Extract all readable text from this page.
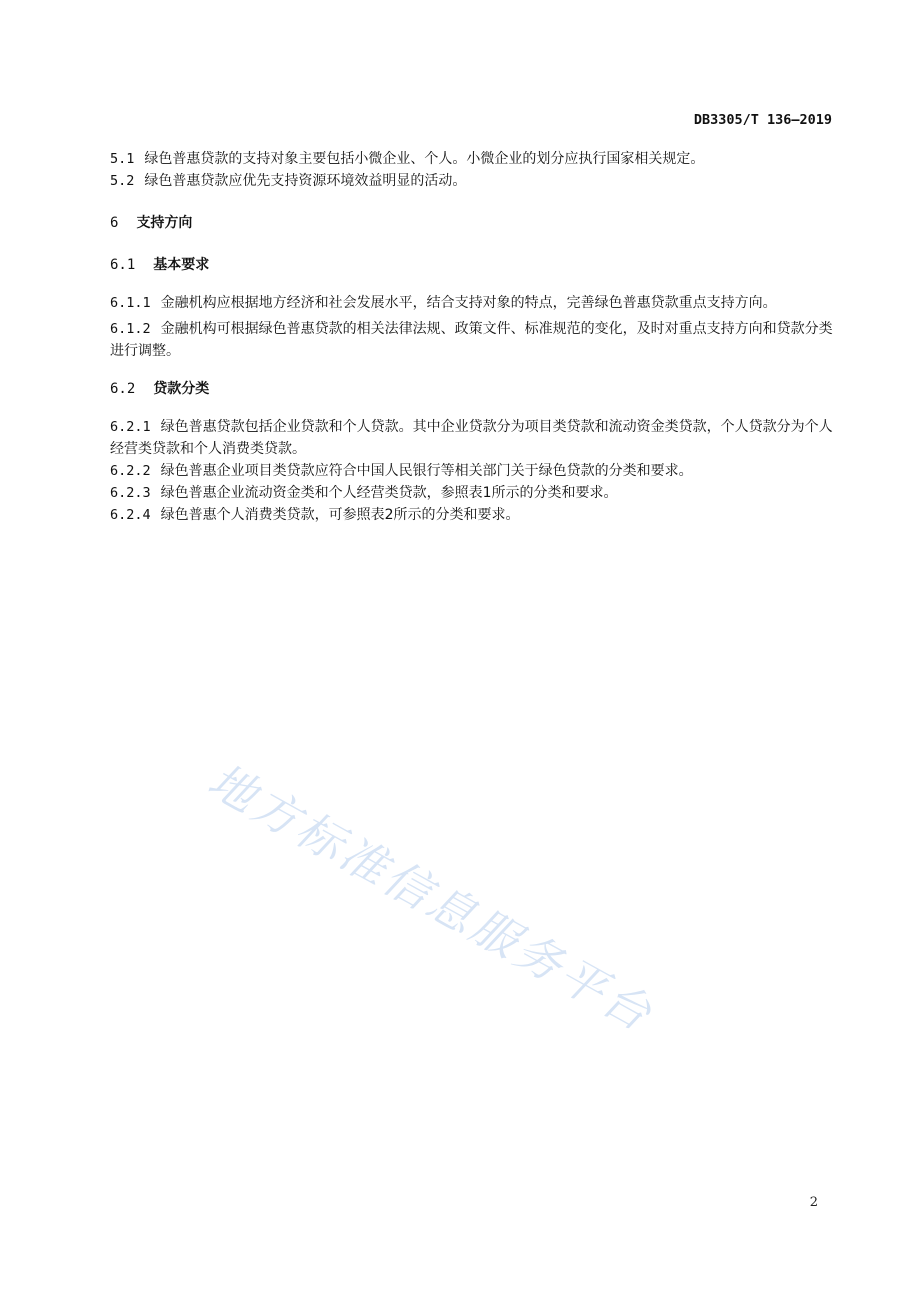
DB3305/T 136—2019

5.1 绿色普惠贷款的支持对象主要包括小微企业、个人。小微企业的划分应执行国家相关规定。

5.2 绿色普惠贷款应优先支持资源环境效益明显的活动。

6 支持方向

6.1 基本要求

6.1.1 金融机构应根据地方经济和社会发展水平，结合支持对象的特点，完善绿色普惠贷款重点支持方向。

6.1.2 金融机构可根据绿色普惠贷款的相关法律法规、政策文件、标准规范的变化，及时对重点支持方向和贷款分类进行调整。

6.2 贷款分类

6.2.1 绿色普惠贷款包括企业贷款和个人贷款。其中企业贷款分为项目类贷款和流动资金类贷款，个人贷款分为个人经营类贷款和个人消费类贷款。

6.2.2 绿色普惠企业项目类贷款应符合中国人民银行等相关部门关于绿色贷款的分类和要求。

6.2.3 绿色普惠企业流动资金类和个人经营类贷款，参照表1所示的分类和要求。

6.2.4 绿色普惠个人消费类贷款，可参照表2所示的分类和要求。

地方标准信息服务平台
2
